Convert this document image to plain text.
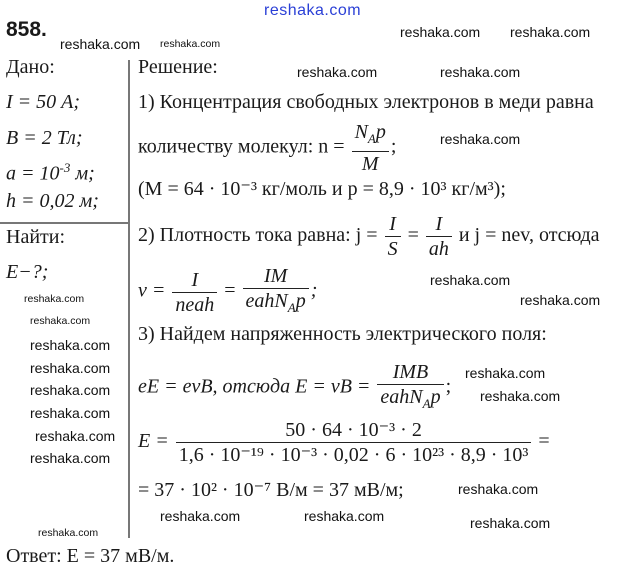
reshaka.com
858.
Дано:
I = 50 А;
B = 2 Тл;
$a = 10^{-3}$ м;
h = 0,02 м;
Найти:
E−?;
Решение:
1) Концентрация свободных электронов в меди равна
количеству молекул: $n = \frac{N_Ap}{M}$ ;
(M = 64 · 10⁻³ кг/моль и p = 8,9 · 10³ кг/м³);
2) Плотность тока равна: $j = \frac{I}{S} = \frac{I}{ah}$ и j = nev, отсюда
$v = \frac{I}{\text{neah}} = \frac{IM}{eahN_Ap}$ ;
3) Найдем напряженность электрического поля:
eE = evB, отсюда E = vB = $\frac{\text{IMB}}{eahN_Ap}$ ;
$E = \frac{\text{50 · 64 · 10⁻³ · 2}}{\text{1,6 · 10⁻¹⁹ · 10⁻³ · 0,02 · 6 · 10²³ · 8,9 · 10³}}$ =
= 37 · 10² · 10⁻⁷ В/м = 37 мВ/м;
Ответ: E = 37 мВ/м.
reshaka.com reshaka.com
reshaka.com reshaka.com
reshaka.com	reshaka.com
reshaka.com
reshaka.com
reshaka.com
reshaka.com
reshaka.com
reshaka.com
reshaka.com	reshaka.com
reshaka.com	reshaka.com
reshaka.com
reshaka.com
reshaka.com
reshaka.com
reshaka.com	reshaka.com	reshaka.com
reshaka.com
